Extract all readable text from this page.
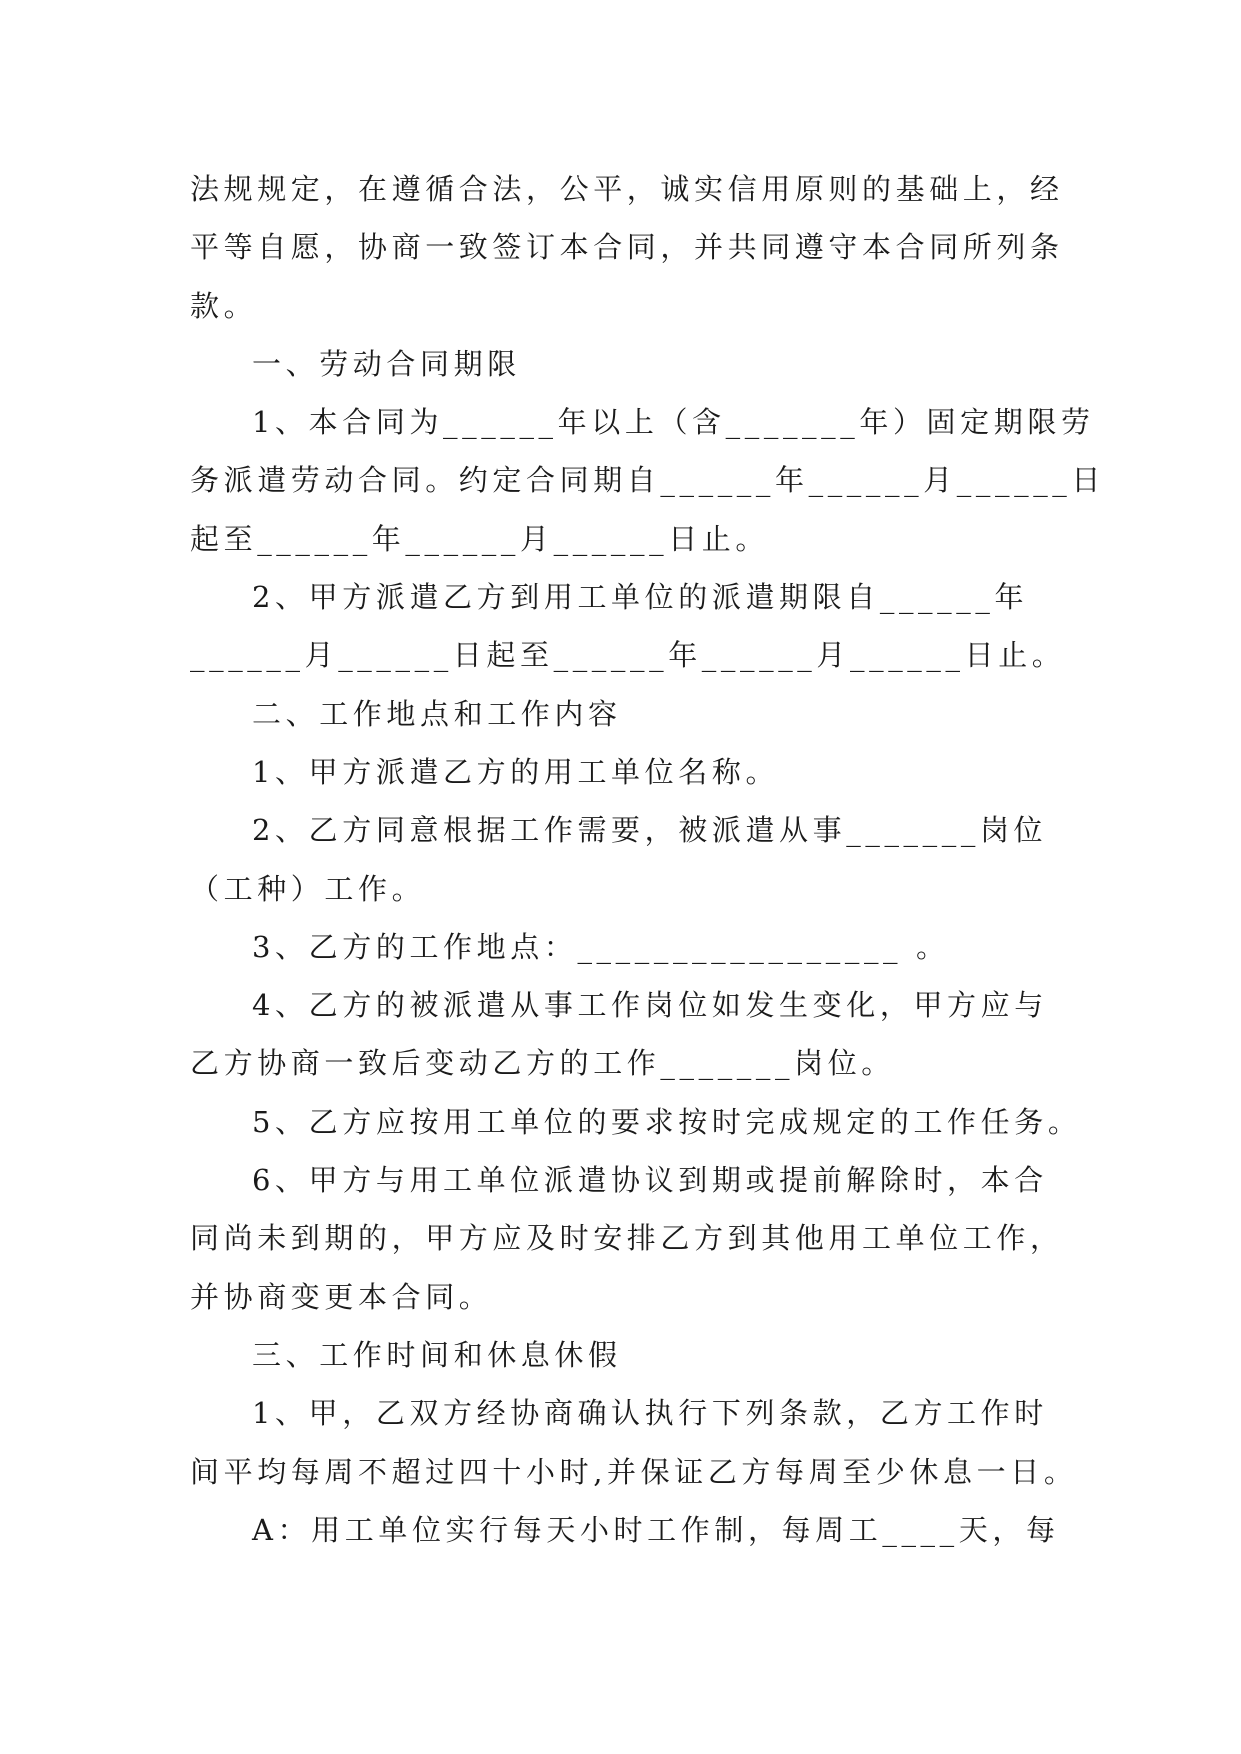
法规规定，在遵循合法，公平，诚实信用原则的基础上，经
平等自愿，协商一致签订本合同，并共同遵守本合同所列条
款。
一、劳动合同期限
1、本合同为______年以上（含_______年）固定期限劳
务派遣劳动合同。约定合同期自______年______月______日
起至______年______月______日止。
2、甲方派遣乙方到用工单位的派遣期限自______年
______月______日起至______年______月______日止。
二、工作地点和工作内容
1、甲方派遣乙方的用工单位名称。
2、乙方同意根据工作需要，被派遣从事_______岗位
（工种）工作。
3、乙方的工作地点：_________________ 。
4、乙方的被派遣从事工作岗位如发生变化，甲方应与
乙方协商一致后变动乙方的工作_______岗位。
5、乙方应按用工单位的要求按时完成规定的工作任务。
6、甲方与用工单位派遣协议到期或提前解除时，本合
同尚未到期的，甲方应及时安排乙方到其他用工单位工作，
并协商变更本合同。
三、工作时间和休息休假
1、甲，乙双方经协商确认执行下列条款，乙方工作时
间平均每周不超过四十小时,并保证乙方每周至少休息一日。
A：用工单位实行每天小时工作制，每周工____天，每
